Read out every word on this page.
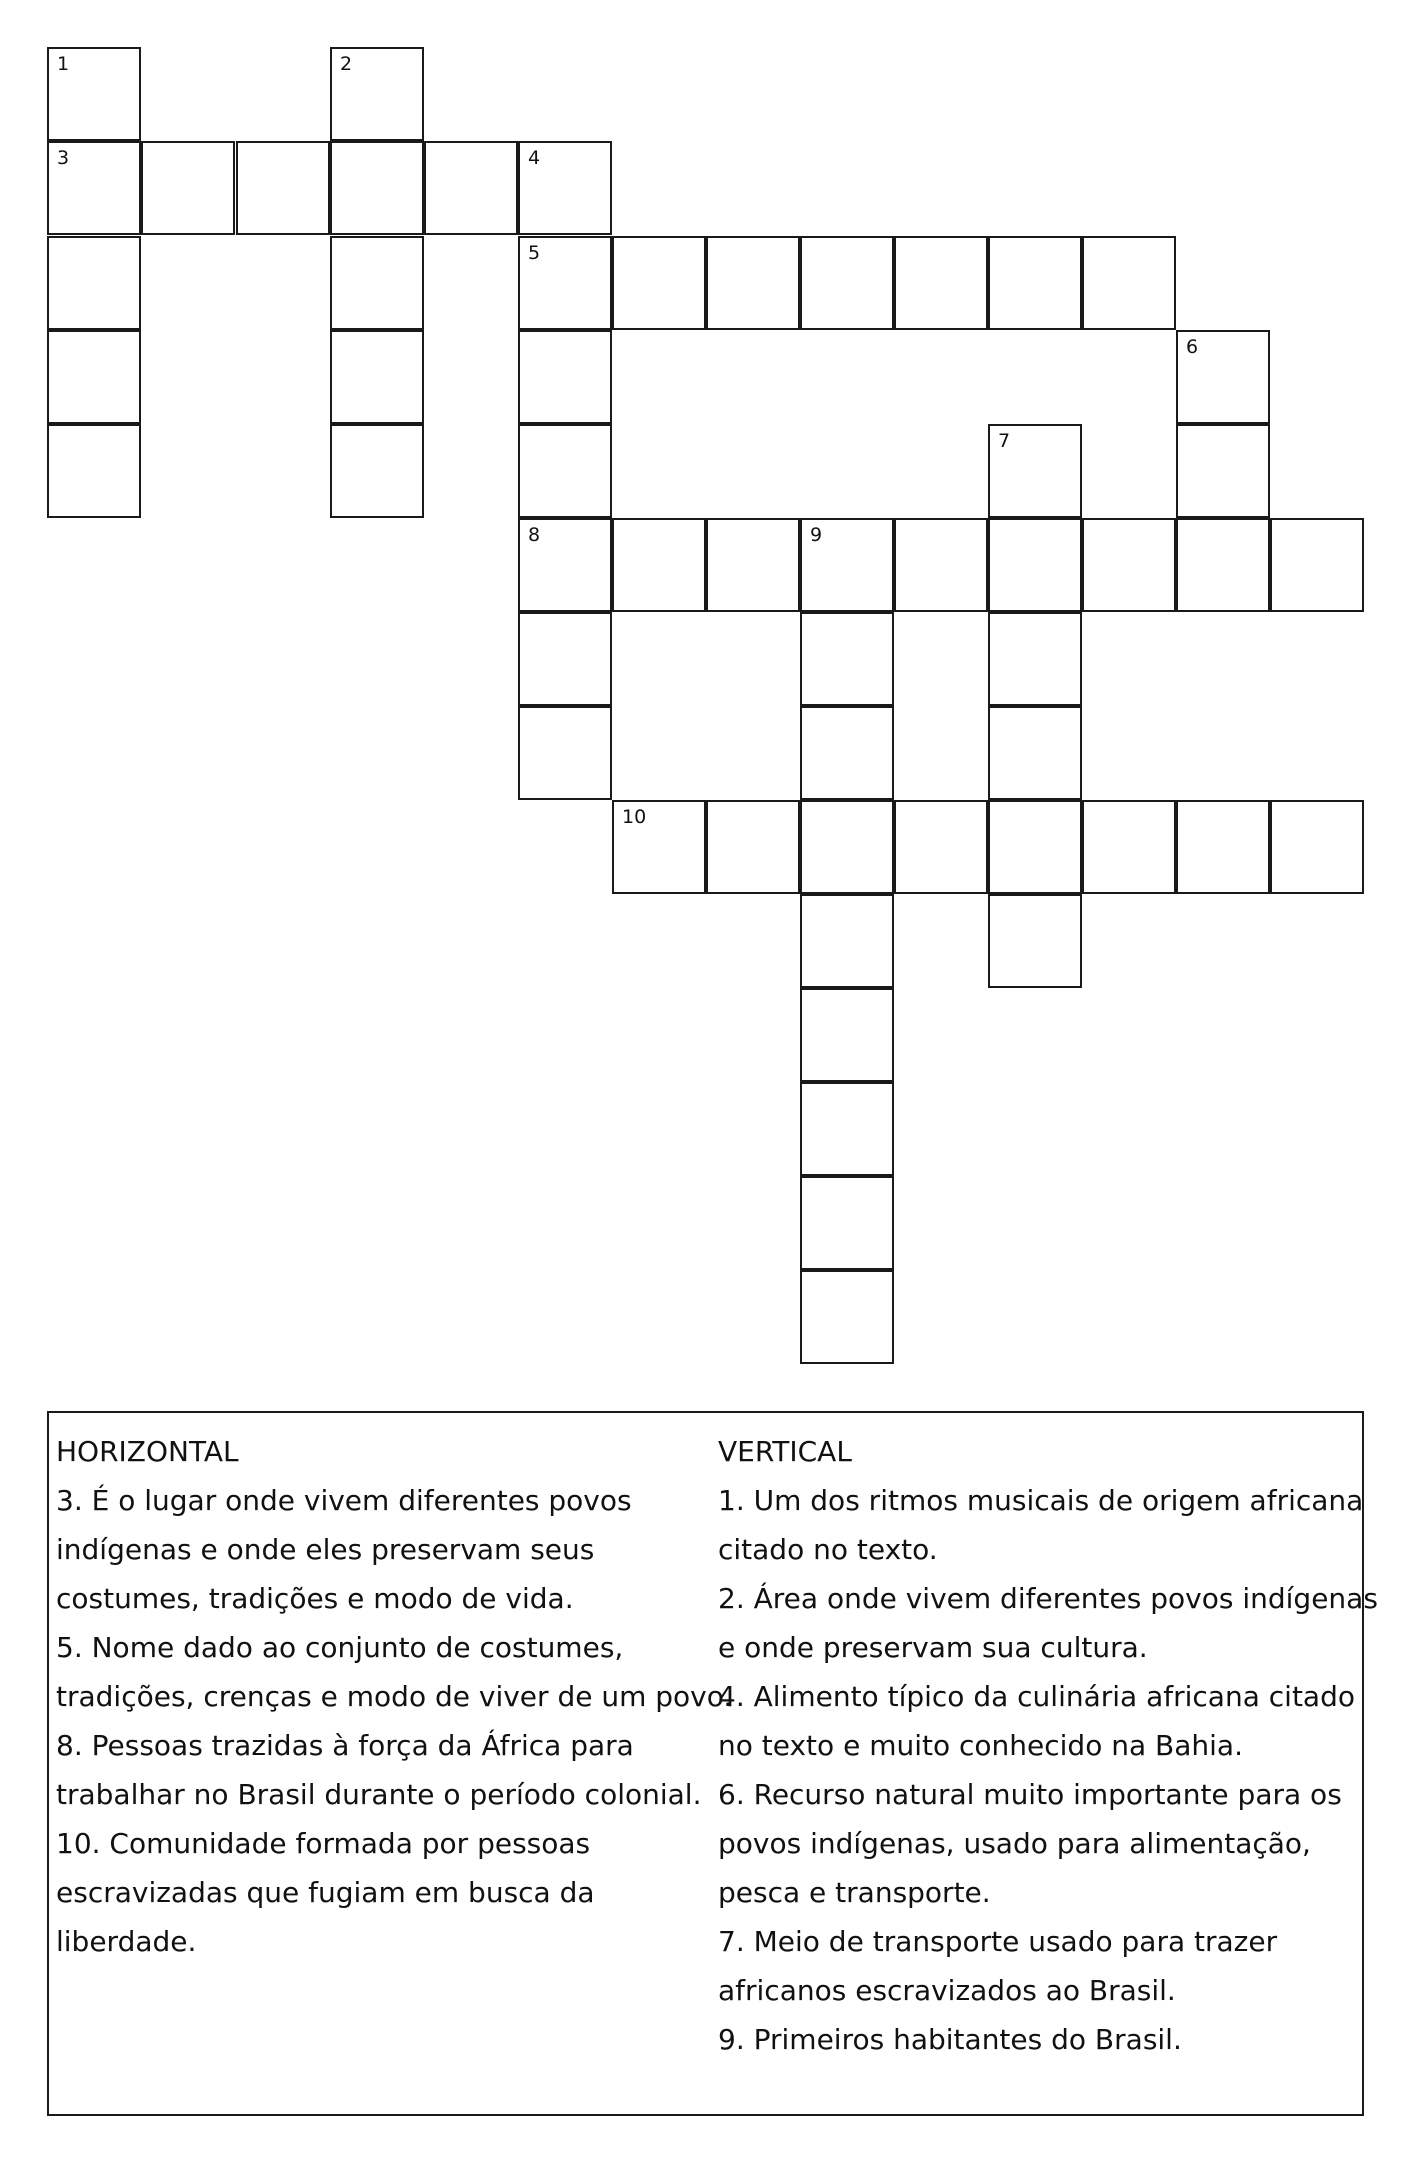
1	2
3	4
5
6
7
8	9
10
HORIZONTAL
3. É o lugar onde vivem diferentes povos
indígenas e onde eles preservam seus
costumes, tradições e modo de vida.
5. Nome dado ao conjunto de costumes,
tradições, crenças e modo de viver de um povo.
8. Pessoas trazidas à força da África para
trabalhar no Brasil durante o período colonial.
10. Comunidade formada por pessoas
escravizadas que fugiam em busca da
liberdade.
VERTICAL
1. Um dos ritmos musicais de origem africana
citado no texto.
2. Área onde vivem diferentes povos indígenas
e onde preservam sua cultura.
4. Alimento típico da culinária africana citado
no texto e muito conhecido na Bahia.
6. Recurso natural muito importante para os
povos indígenas, usado para alimentação,
pesca e transporte.
7. Meio de transporte usado para trazer
africanos escravizados ao Brasil.
9. Primeiros habitantes do Brasil.
